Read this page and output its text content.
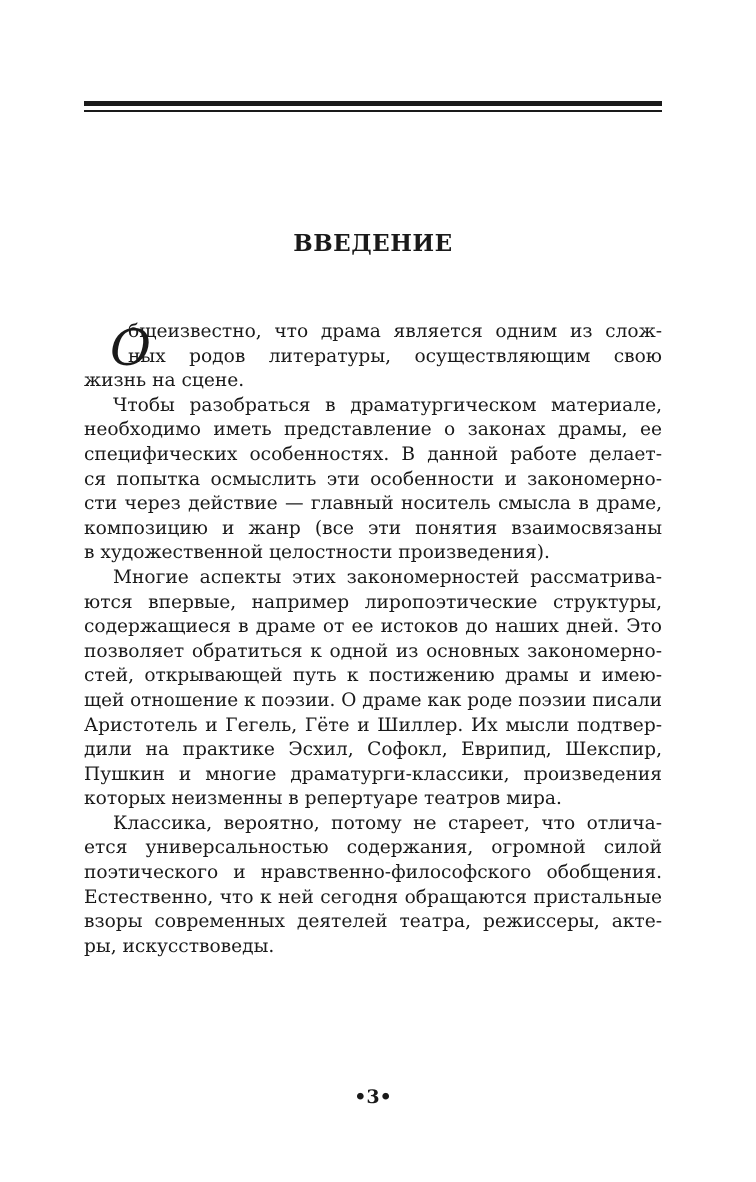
ВВЕДЕНИЕ
О
бщеизвестно, что драма является одним из слож-
ных родов литературы, осуществляющим свою
жизнь на сцене.
Чтобы разобраться в драматургическом материале,
необходимо иметь представление о законах драмы, ее
специфических особенностях. В данной работе делает-
ся попытка осмыслить эти особенности и закономерно-
сти через действие — главный носитель смысла в драме,
композицию и жанр (все эти понятия взаимосвязаны
в художественной целостности произведения).
Многие аспекты этих закономерностей рассматрива-
ются впервые, например лиропоэтические структуры,
содержащиеся в драме от ее истоков до наших дней. Это
позволяет обратиться к одной из основных закономерно-
стей, открывающей путь к постижению драмы и имею-
щей отношение к поэзии. О драме как роде поэзии писали
Аристотель и Гегель, Гёте и Шиллер. Их мысли подтвер-
дили на практике Эсхил, Софокл, Еврипид, Шекспир,
Пушкин и многие драматурги-классики, произведения
которых неизменны в репертуаре театров мира.
Классика, вероятно, потому не стареет, что отлича-
ется универсальностью содержания, огромной силой
поэтического и нравственно-философского обобщения.
Естественно, что к ней сегодня обращаются пристальные
взоры современных деятелей театра, режиссеры, акте-
ры, искусствоведы.
•3•
